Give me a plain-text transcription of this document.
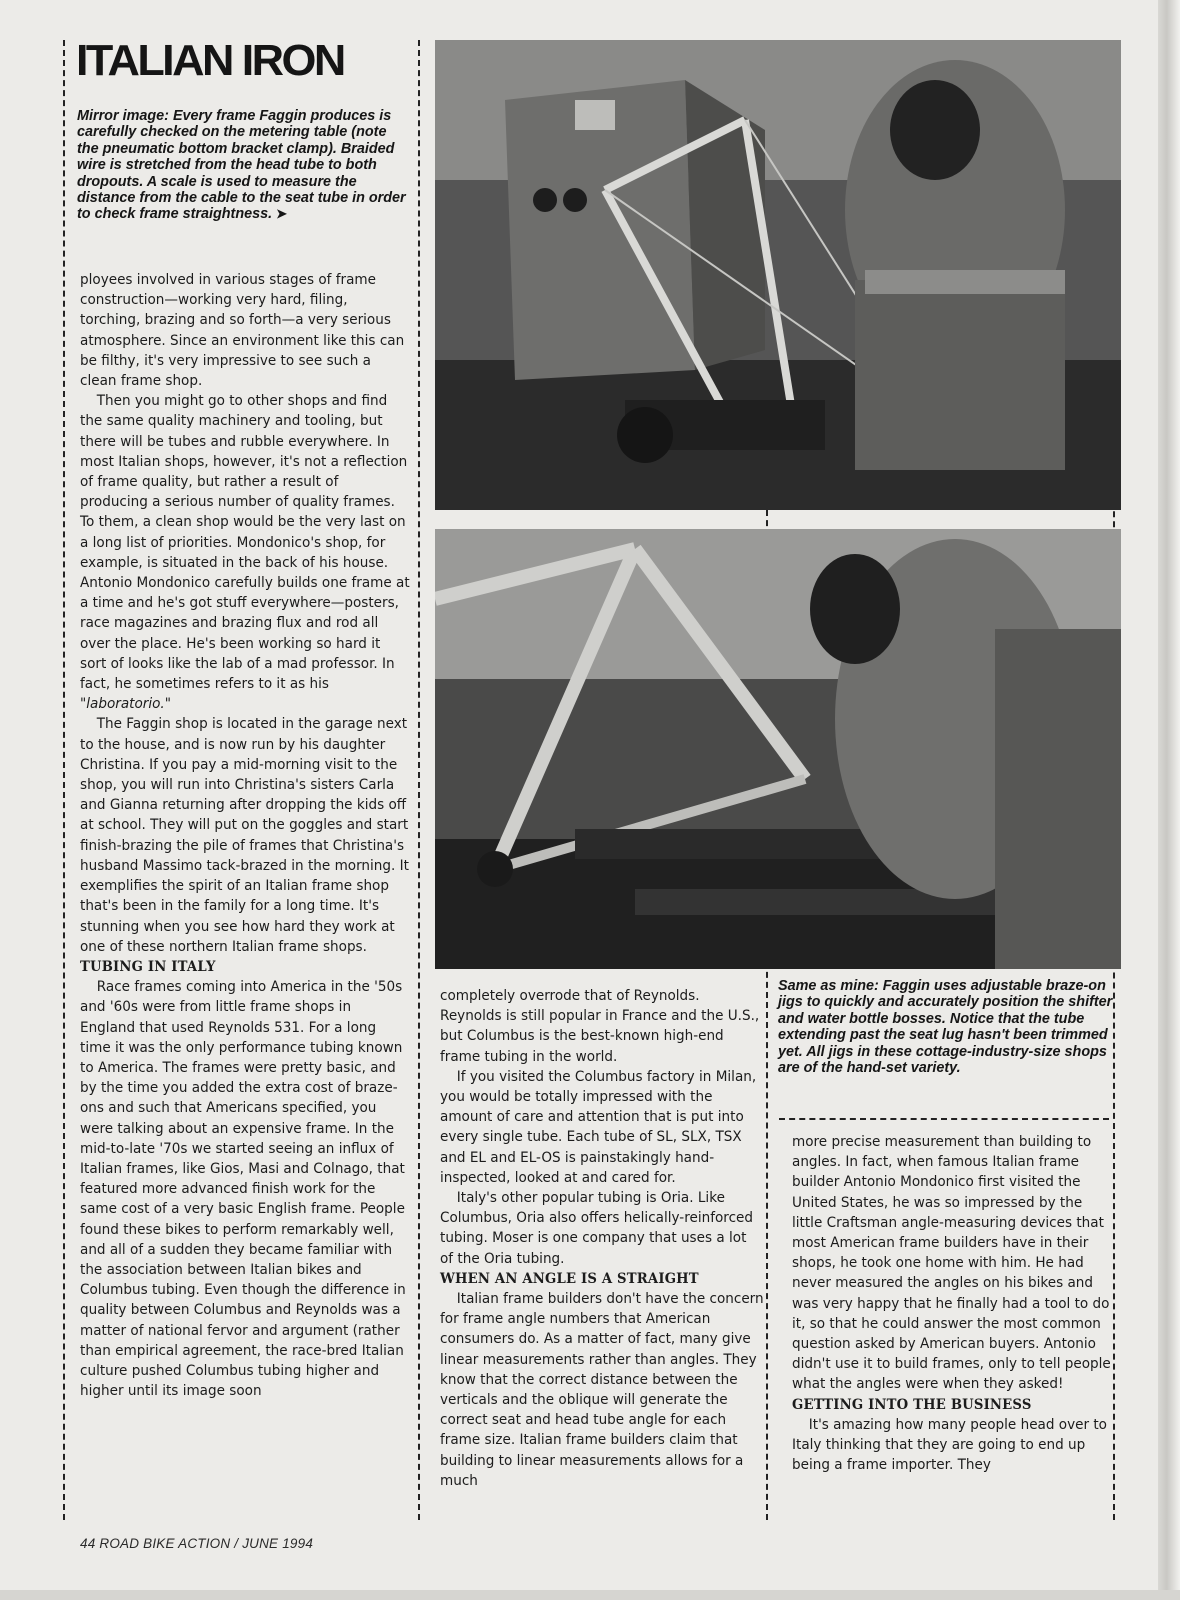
ITALIAN IRON

Mirror image: Every frame Faggin produces is carefully checked on the metering table (note the pneumatic bottom bracket clamp). Braided wire is stretched from the head tube to both dropouts. A scale is used to measure the distance from the cable to the seat tube in order to check frame straightness. ➤

Same as mine: Faggin uses adjustable braze-on jigs to quickly and accurately position the shifter and water bottle bosses. Notice that the tube extending past the seat lug hasn't been trimmed yet. All jigs in these cottage-industry-size shops are of the hand-set variety.

ployees involved in various stages of frame construction—working very hard, filing, torching, brazing and so forth—a very serious atmosphere. Since an environment like this can be filthy, it's very impressive to see such a clean frame shop.

Then you might go to other shops and find the same quality machinery and tooling, but there will be tubes and rubble everywhere. In most Italian shops, however, it's not a reflection of frame quality, but rather a result of producing a serious number of quality frames. To them, a clean shop would be the very last on a long list of priorities. Mondonico's shop, for example, is situated in the back of his house. Antonio Mondonico carefully builds one frame at a time and he's got stuff everywhere—posters, race magazines and brazing flux and rod all over the place. He's been working so hard it sort of looks like the lab of a mad professor. In fact, he sometimes refers to it as his "laboratorio."

The Faggin shop is located in the garage next to the house, and is now run by his daughter Christina. If you pay a mid-morning visit to the shop, you will run into Christina's sisters Carla and Gianna returning after dropping the kids off at school. They will put on the goggles and start finish-brazing the pile of frames that Christina's husband Massimo tack-brazed in the morning. It exemplifies the spirit of an Italian frame shop that's been in the family for a long time. It's stunning when you see how hard they work at one of these northern Italian frame shops.

TUBING IN ITALY

Race frames coming into America in the '50s and '60s were from little frame shops in England that used Reynolds 531. For a long time it was the only performance tubing known to America. The frames were pretty basic, and by the time you added the extra cost of braze-ons and such that Americans specified, you were talking about an expensive frame. In the mid-to-late '70s we started seeing an influx of Italian frames, like Gios, Masi and Colnago, that featured more advanced finish work for the same cost of a very basic English frame. People found these bikes to perform remarkably well, and all of a sudden they became familiar with the association between Italian bikes and Columbus tubing. Even though the difference in quality between Columbus and Reynolds was a matter of national fervor and argument (rather than empirical agreement, the race-bred Italian culture pushed Columbus tubing higher and higher until its image soon

completely overrode that of Reynolds. Reynolds is still popular in France and the U.S., but Columbus is the best-known high-end frame tubing in the world.

If you visited the Columbus factory in Milan, you would be totally impressed with the amount of care and attention that is put into every single tube. Each tube of SL, SLX, TSX and EL and EL-OS is painstakingly hand-inspected, looked at and cared for.

Italy's other popular tubing is Oria. Like Columbus, Oria also offers helically-reinforced tubing. Moser is one company that uses a lot of the Oria tubing.

WHEN AN ANGLE IS A STRAIGHT

Italian frame builders don't have the concern for frame angle numbers that American consumers do. As a matter of fact, many give linear measurements rather than angles. They know that the correct distance between the verticals and the oblique will generate the correct seat and head tube angle for each frame size. Italian frame builders claim that building to linear measurements allows for a much

more precise measurement than building to angles. In fact, when famous Italian frame builder Antonio Mondonico first visited the United States, he was so impressed by the little Craftsman angle-measuring devices that most American frame builders have in their shops, he took one home with him. He had never measured the angles on his bikes and was very happy that he finally had a tool to do it, so that he could answer the most common question asked by American buyers. Antonio didn't use it to build frames, only to tell people what the angles were when they asked!

GETTING INTO THE BUSINESS

It's amazing how many people head over to Italy thinking that they are going to end up being a frame importer. They

44 ROAD BIKE ACTION / JUNE 1994
